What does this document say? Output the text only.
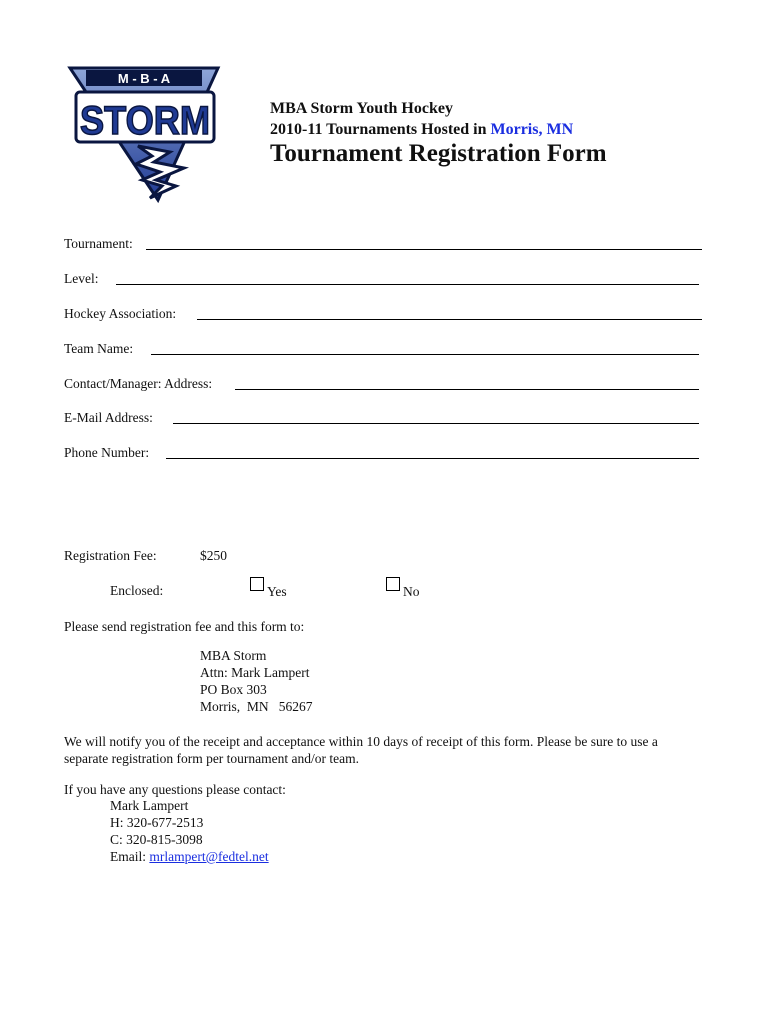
M - B - A
STORM	MBA Storm Youth Hockey
2010-11 Tournaments Hosted in Morris, MN
Tournament Registration Form
Tournament:
Level:
Hockey Association:
Team Name:
Contact/Manager: Address:
E-Mail Address:
Phone Number:
Registration Fee:	$250
Enclosed:	Yes	No
Please send registration fee and this form to:
MBA Storm
Attn: Mark Lampert
PO Box 303
Morris,  MN   56267
We will notify you of the receipt and acceptance within 10 days of receipt of this form. Please be sure to use a
separate registration form per tournament and/or team.
If you have any questions please contact:
Mark Lampert
H: 320-677-2513
C: 320-815-3098
Email: mrlampert@fedtel.net
